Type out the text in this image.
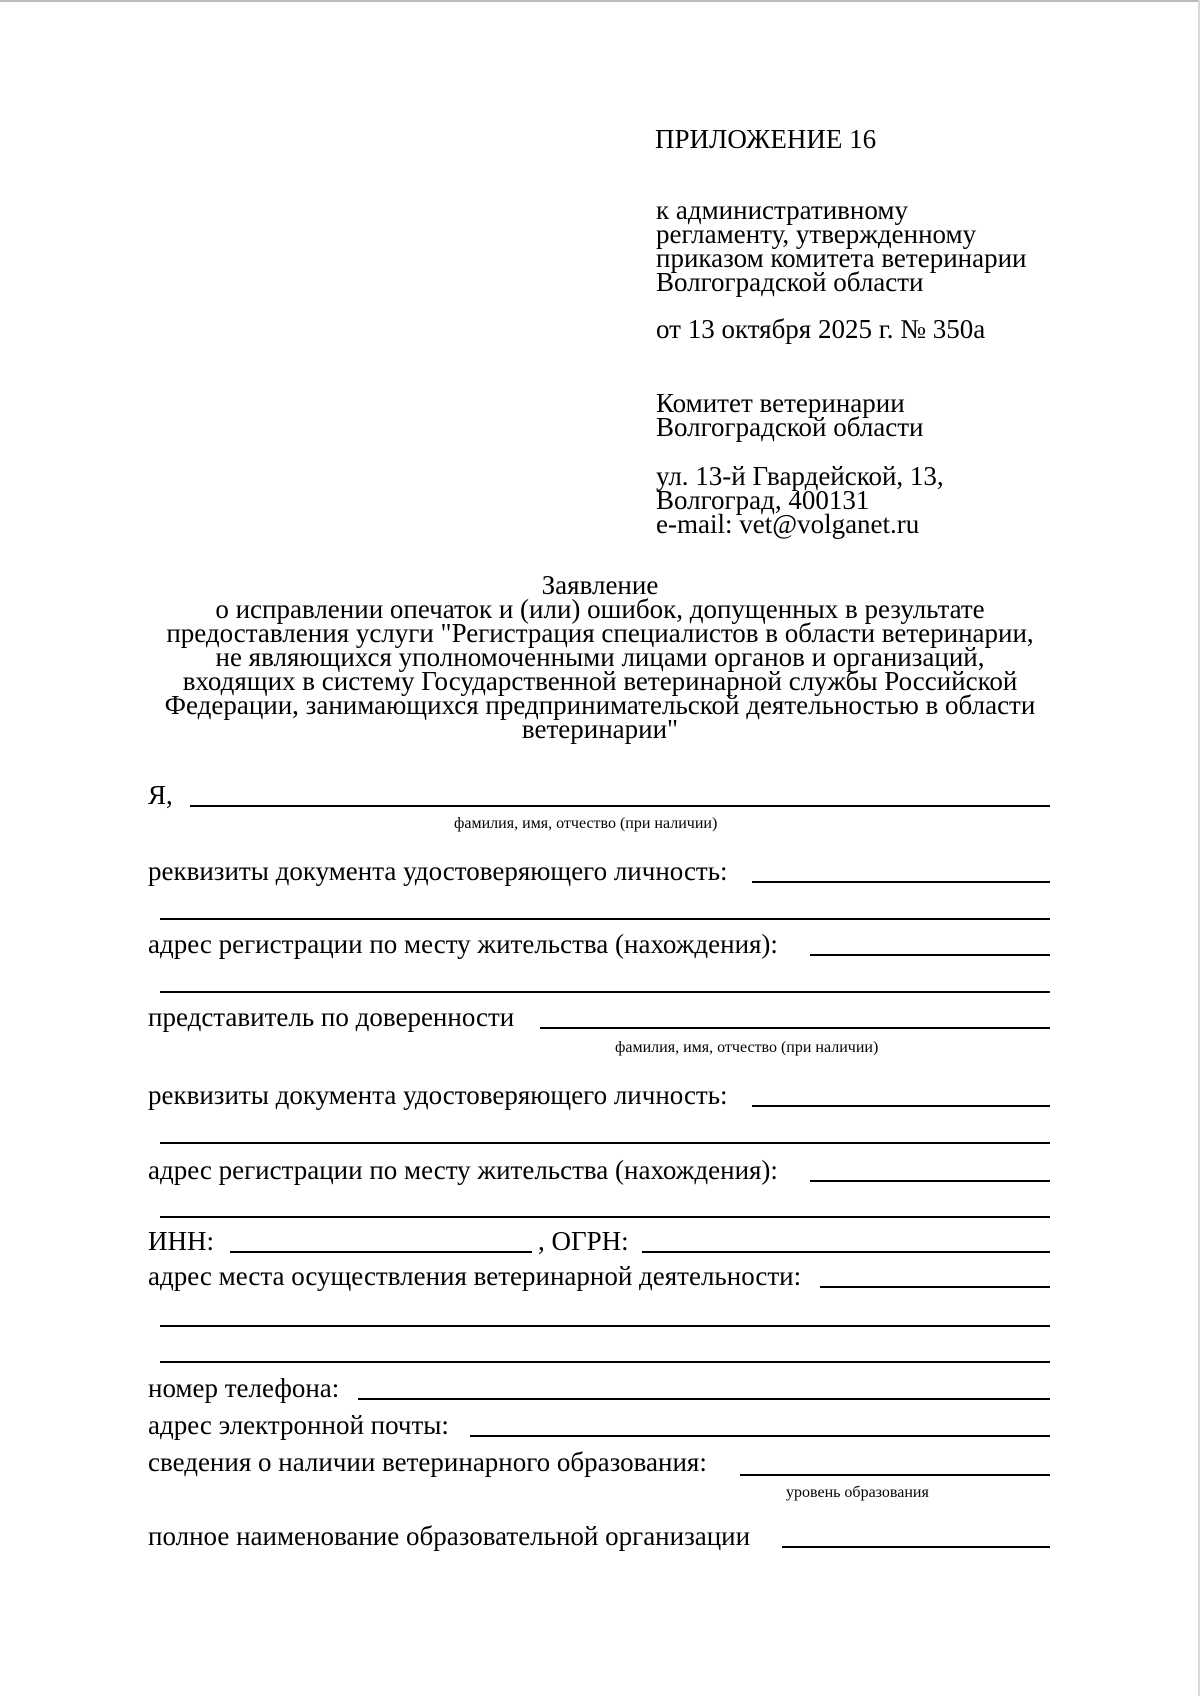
ПРИЛОЖЕНИЕ 16
к административному
регламенту, утвержденному
приказом комитета ветеринарии
Волгоградской области
от 13 октября 2025 г. № 350а
Комитет ветеринарии
Волгоградской области
ул. 13-й Гвардейской, 13,
Волгоград, 400131
e-mail: vet@volganet.ru
Заявление
о исправлении опечаток и (или) ошибок, допущенных в результате
предоставления услуги "Регистрация специалистов в области ветеринарии,
не являющихся уполномоченными лицами органов и организаций,
входящих в систему Государственной ветеринарной службы Российской
Федерации, занимающихся предпринимательской деятельностью в области
ветеринарии"
Я,
фамилия, имя, отчество (при наличии)
реквизиты документа удостоверяющего личность:
адрес регистрации по месту жительства (нахождения):
представитель по доверенности
фамилия, имя, отчество (при наличии)
реквизиты документа удостоверяющего личность:
адрес регистрации по месту жительства (нахождения):
ИНН:	, ОГРН:
адрес места осуществления ветеринарной деятельности:
номер телефона:
адрес электронной почты:
сведения о наличии ветеринарного образования:
уровень образования
полное наименование образовательной организации
